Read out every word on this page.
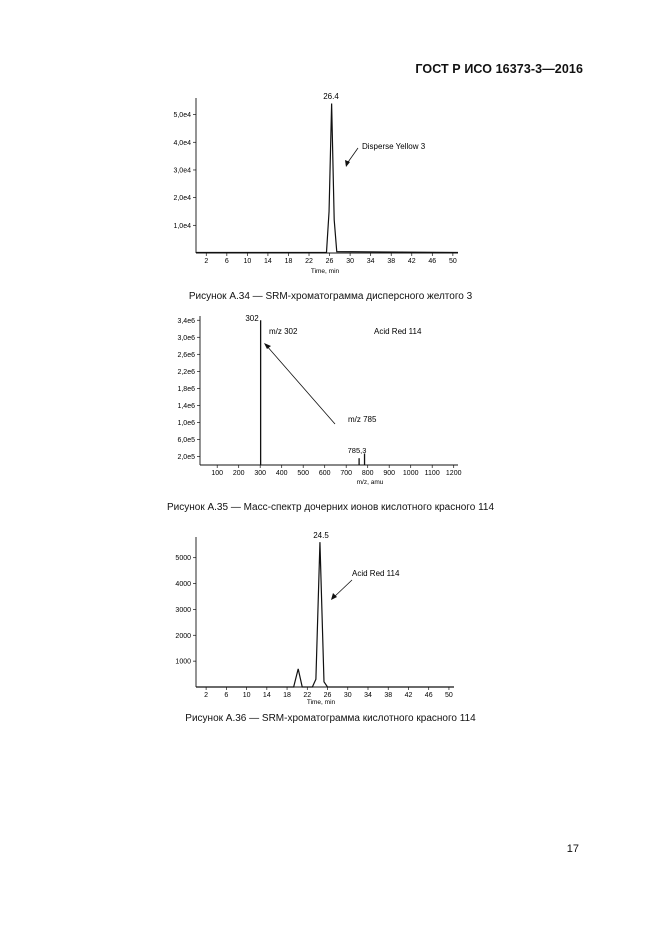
ГОСТ Р ИСО 16373-3—2016
2 6 10 14 18 22 26 30 34 38 42 46 50
1,0e4
2,0e4
3,0e4
4,0e4
5,0e4
26.4
Disperse Yellow 3
Time, min
Рисунок А.34 — SRM-хроматограмма дисперсного желтого 3
100 200 300 400 500 600 700 800 900 1000 1100 1200
2,0e5
6,0e5
1,0e6
1,4e6
1,8e6
2,2e6
2,6e6
3,0e6
3,4e6	302
785,3
m/z 302	Acid Red 114
m/z 785
m/z, amu
Рисунок А.35 — Масс-спектр дочерних ионов кислотного красного 114
2 6 10 14 18 22 26 30 34 38 42 46 50
1000
2000
3000
4000
5000
24.5
Acid Red 114
Time, min
Рисунок А.36 — SRM-хроматограмма кислотного красного 114
17
